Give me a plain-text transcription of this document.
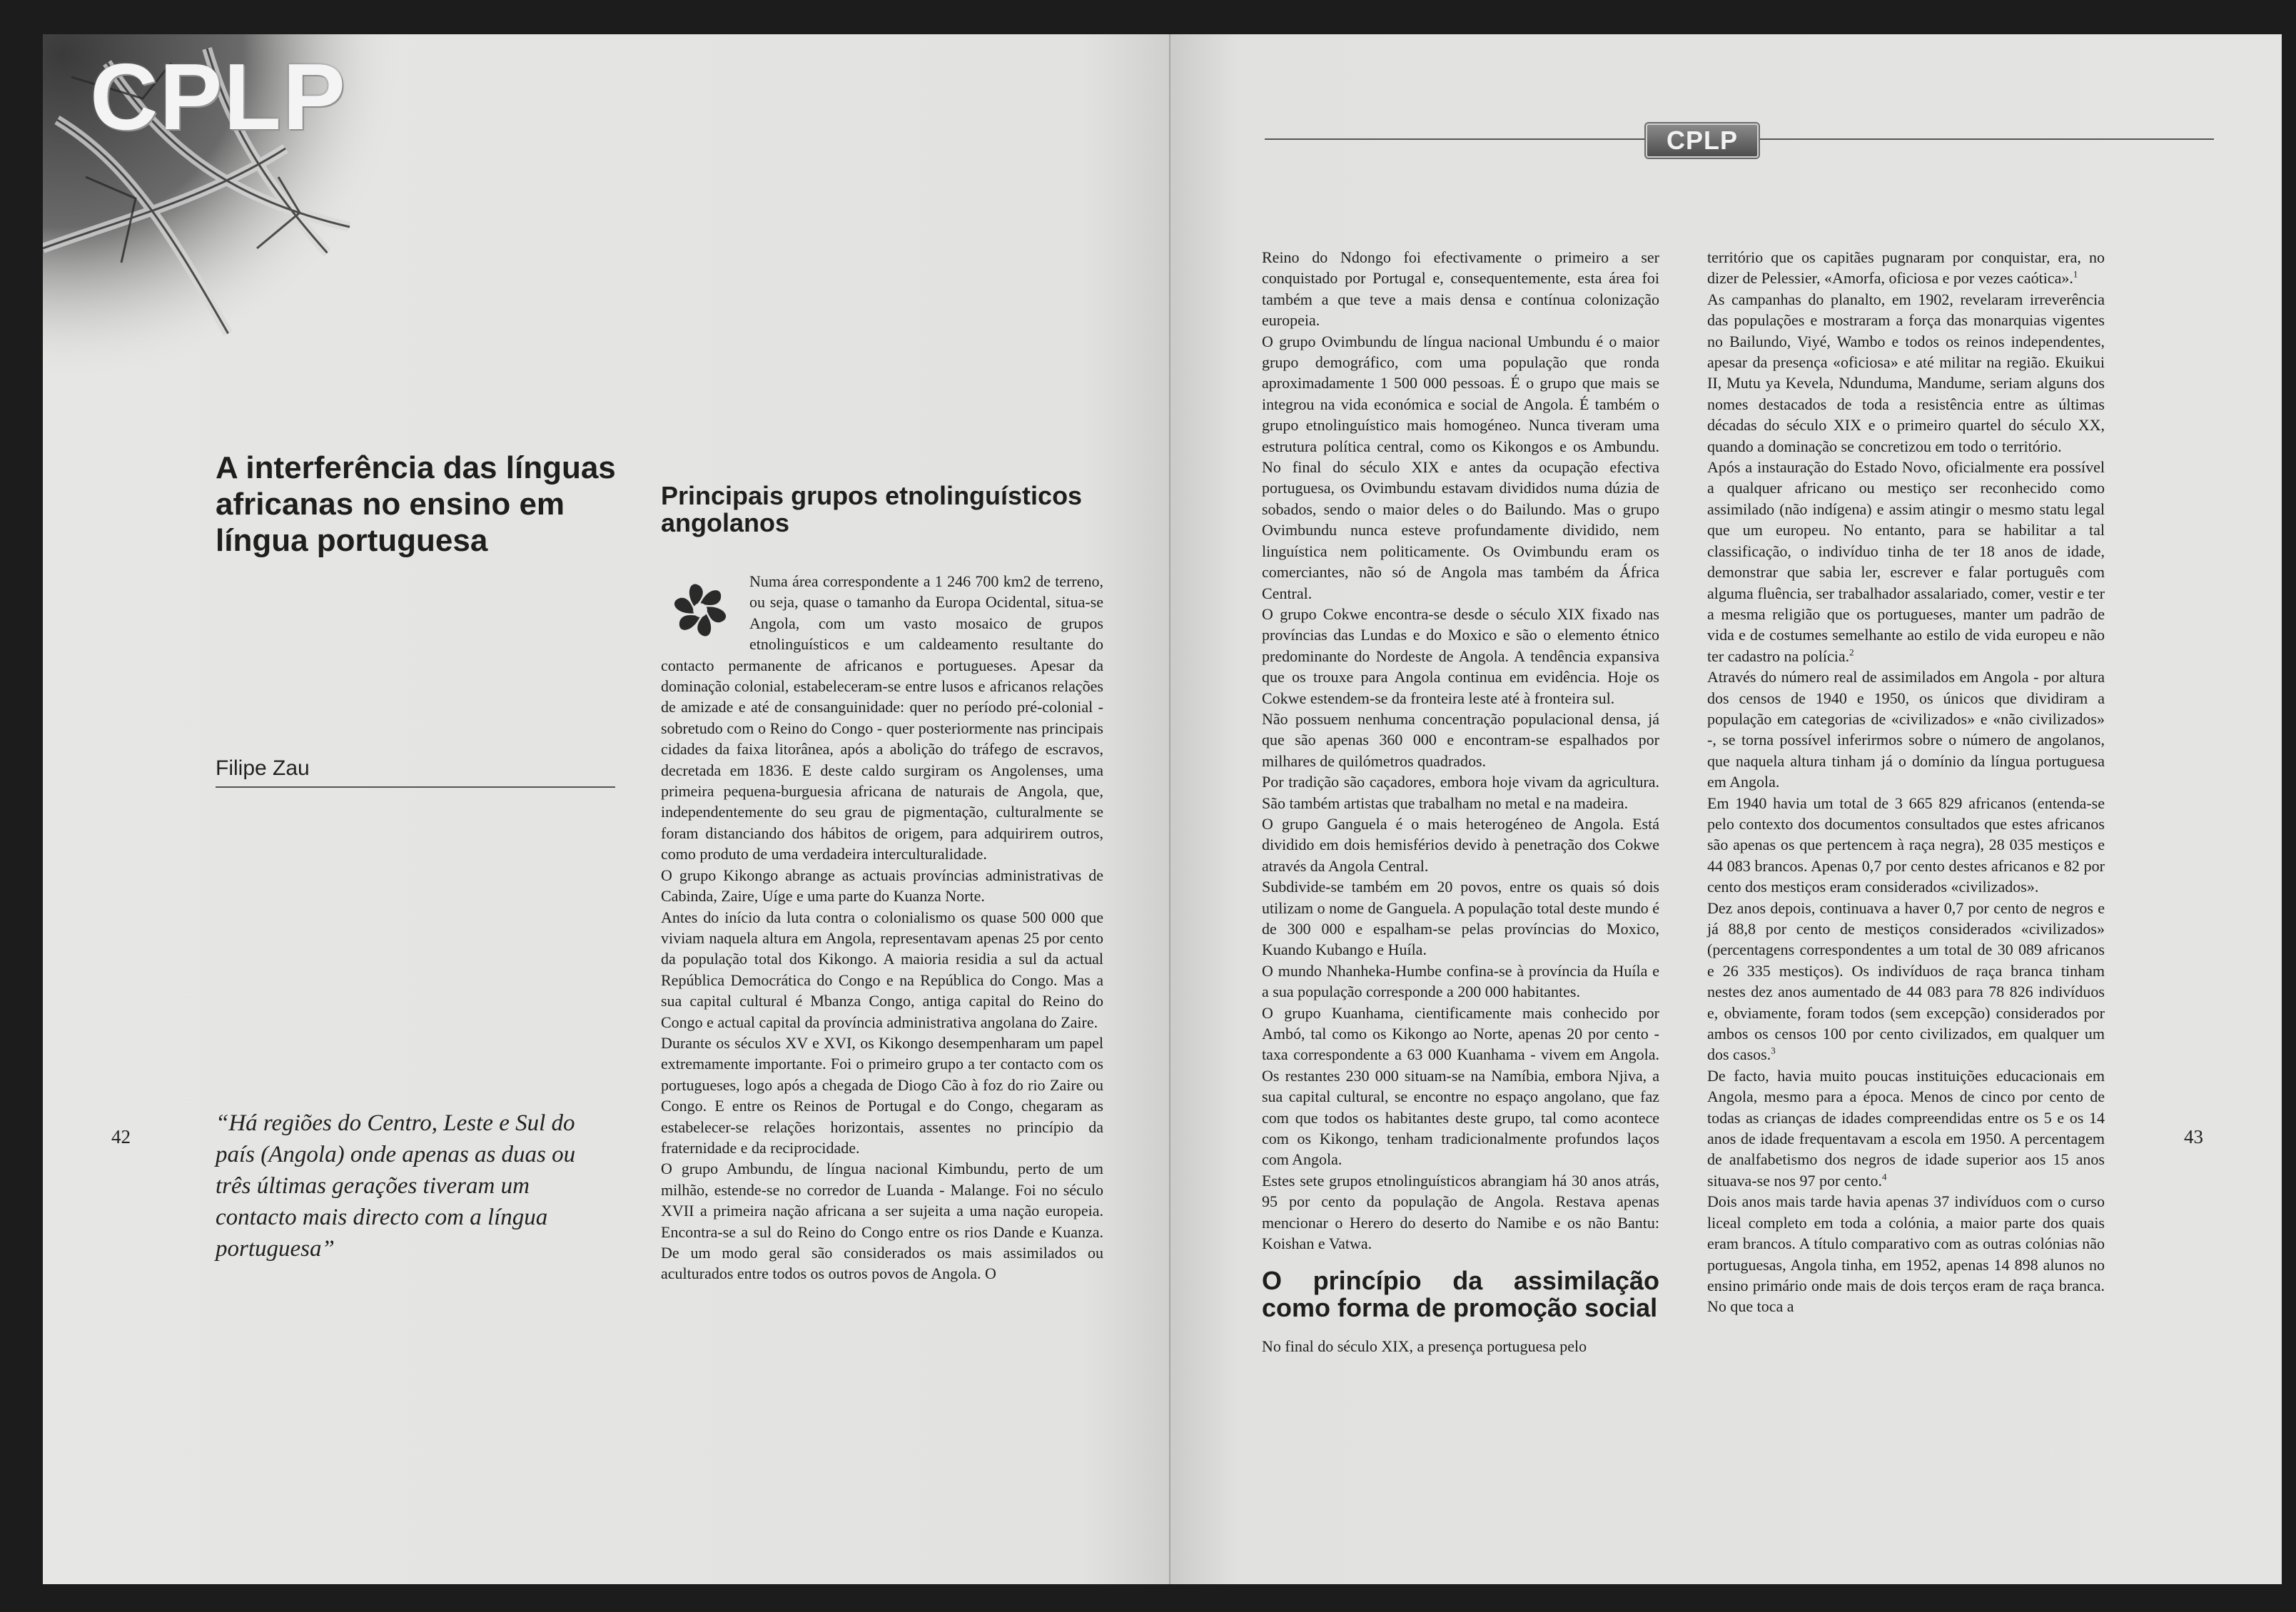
CPLP
A interferência das línguas africanas no ensino em língua portuguesa
Filipe Zau
42

“Há regiões do Centro, Leste e Sul do país (Angola) onde apenas as duas ou três últimas gerações tiveram um contacto mais directo com a língua portuguesa”

Principais grupos etnolinguísticos angolanos

Numa área correspondente a 1 246 700 km2 de terreno, ou seja, quase o tamanho da Europa Ocidental, situa-se Angola, com um vasto mosaico de grupos etnolinguísticos e um caldeamento resultante do contacto permanente de africanos e portugueses. Apesar da dominação colonial, estabeleceram-se entre lusos e africanos relações de amizade e até de consanguinidade: quer no período pré-colonial - sobretudo com o Reino do Congo - quer posteriormente nas principais cidades da faixa litorânea, após a abolição do tráfego de escravos, decretada em 1836. E deste caldo surgiram os Angolenses, uma primeira pequena-burguesia africana de naturais de Angola, que, independentemente do seu grau de pigmentação, culturalmente se foram distanciando dos hábitos de origem, para adquirirem outros, como produto de uma verdadeira interculturalidade.

O grupo Kikongo abrange as actuais províncias administrativas de Cabinda, Zaire, Uíge e uma parte do Kuanza Norte.

Antes do início da luta contra o colonialismo os quase 500 000 que viviam naquela altura em Angola, representavam apenas 25 por cento da população total dos Kikongo. A maioria residia a sul da actual República Democrática do Congo e na República do Congo. Mas a sua capital cultural é Mbanza Congo, antiga capital do Reino do Congo e actual capital da província administrativa angolana do Zaire.

Durante os séculos XV e XVI, os Kikongo desempenharam um papel extremamente importante. Foi o primeiro grupo a ter contacto com os portugueses, logo após a chegada de Diogo Cão à foz do rio Zaire ou Congo. E entre os Reinos de Portugal e do Congo, chegaram as estabelecer-se relações horizontais, assentes no princípio da fraternidade e da reciprocidade.

O grupo Ambundu, de língua nacional Kimbundu, perto de um milhão, estende-se no corredor de Luanda - Malange. Foi no século XVII a primeira nação africana a ser sujeita a uma nação europeia. Encontra-se a sul do Reino do Congo entre os rios Dande e Kuanza. De um modo geral são considerados os mais assimilados ou aculturados entre todos os outros povos de Angola. O

CPLP
43

Reino do Ndongo foi efectivamente o primeiro a ser conquistado por Portugal e, consequentemente, esta área foi também a que teve a mais densa e contínua colonização europeia.

O grupo Ovimbundu de língua nacional Umbundu é o maior grupo demográfico, com uma população que ronda aproximadamente 1 500 000 pessoas. É o grupo que mais se integrou na vida económica e social de Angola. É também o grupo etnolinguístico mais homogéneo. Nunca tiveram uma estrutura política central, como os Kikongos e os Ambundu. No final do século XIX e antes da ocupação efectiva portuguesa, os Ovimbundu estavam divididos numa dúzia de sobados, sendo o maior deles o do Bailundo. Mas o grupo Ovimbundu nunca esteve profundamente dividido, nem linguística nem politicamente. Os Ovimbundu eram os comerciantes, não só de Angola mas também da África Central.

O grupo Cokwe encontra-se desde o século XIX fixado nas províncias das Lundas e do Moxico e são o elemento étnico predominante do Nordeste de Angola. A tendência expansiva que os trouxe para Angola continua em evidência. Hoje os Cokwe estendem-se da fronteira leste até à fronteira sul.

Não possuem nenhuma concentração populacional densa, já que são apenas 360 000 e encontram-se espalhados por milhares de quilómetros quadrados.

Por tradição são caçadores, embora hoje vivam da agricultura. São também artistas que trabalham no metal e na madeira.

O grupo Ganguela é o mais heterogéneo de Angola. Está dividido em dois hemisférios devido à penetração dos Cokwe através da Angola Central.

Subdivide-se também em 20 povos, entre os quais só dois utilizam o nome de Ganguela. A população total deste mundo é de 300 000 e espalham-se pelas províncias do Moxico, Kuando Kubango e Huíla.

O mundo Nhanheka-Humbe confina-se à província da Huíla e a sua população corresponde a 200 000 habitantes.

O grupo Kuanhama, cientificamente mais conhecido por Ambó, tal como os Kikongo ao Norte, apenas 20 por cento - taxa correspondente a 63 000 Kuanhama - vivem em Angola. Os restantes 230 000 situam-se na Namíbia, embora Njiva, a sua capital cultural, se encontre no espaço angolano, que faz com que todos os habitantes deste grupo, tal como acontece com os Kikongo, tenham tradicionalmente profundos laços com Angola.

Estes sete grupos etnolinguísticos abrangiam há 30 anos atrás, 95 por cento da população de Angola. Restava apenas mencionar o Herero do deserto do Namibe e os não Bantu: Koishan e Vatwa.

O princípio da assimilação como forma de promoção social

No final do século XIX, a presença portuguesa pelo

território que os capitães pugnaram por conquistar, era, no dizer de Pelessier, «Amorfa, oficiosa e por vezes caótica».$^1$

As campanhas do planalto, em 1902, revelaram irreverência das populações e mostraram a força das monarquias vigentes no Bailundo, Viyé, Wambo e todos os reinos independentes, apesar da presença «oficiosa» e até militar na região. Ekuikui II, Mutu ya Kevela, Ndunduma, Mandume, seriam alguns dos nomes destacados de toda a resistência entre as últimas décadas do século XIX e o primeiro quartel do século XX, quando a dominação se concretizou em todo o território.

Após a instauração do Estado Novo, oficialmente era possível a qualquer africano ou mestiço ser reconhecido como assimilado (não indígena) e assim atingir o mesmo statu legal que um europeu. No entanto, para se habilitar a tal classificação, o indivíduo tinha de ter 18 anos de idade, demonstrar que sabia ler, escrever e falar português com alguma fluência, ser trabalhador assalariado, comer, vestir e ter a mesma religião que os portugueses, manter um padrão de vida e de costumes semelhante ao estilo de vida europeu e não ter cadastro na polícia.$^2$

Através do número real de assimilados em Angola - por altura dos censos de 1940 e 1950, os únicos que dividiram a população em categorias de «civilizados» e «não civilizados» -, se torna possível inferirmos sobre o número de angolanos, que naquela altura tinham já o domínio da língua portuguesa em Angola.

Em 1940 havia um total de 3 665 829 africanos (entenda-se pelo contexto dos documentos consultados que estes africanos são apenas os que pertencem à raça negra), 28 035 mestiços e 44 083 brancos. Apenas 0,7 por cento destes africanos e 82 por cento dos mestiços eram considerados «civilizados».

Dez anos depois, continuava a haver 0,7 por cento de negros e já 88,8 por cento de mestiços considerados «civilizados» (percentagens correspondentes a um total de 30 089 africanos e 26 335 mestiços). Os indivíduos de raça branca tinham nestes dez anos aumentado de 44 083 para 78 826 indivíduos e, obviamente, foram todos (sem excepção) considerados por ambos os censos 100 por cento civilizados, em qualquer um dos casos.$^3$

De facto, havia muito poucas instituições educacionais em Angola, mesmo para a época. Menos de cinco por cento de todas as crianças de idades compreendidas entre os 5 e os 14 anos de idade frequentavam a escola em 1950. A percentagem de analfabetismo dos negros de idade superior aos 15 anos situava-se nos 97 por cento.$^4$

Dois anos mais tarde havia apenas 37 indivíduos com o curso liceal completo em toda a colónia, a maior parte dos quais eram brancos. A título comparativo com as outras colónias não portuguesas, Angola tinha, em 1952, apenas 14 898 alunos no ensino primário onde mais de dois terços eram de raça branca. No que toca a
